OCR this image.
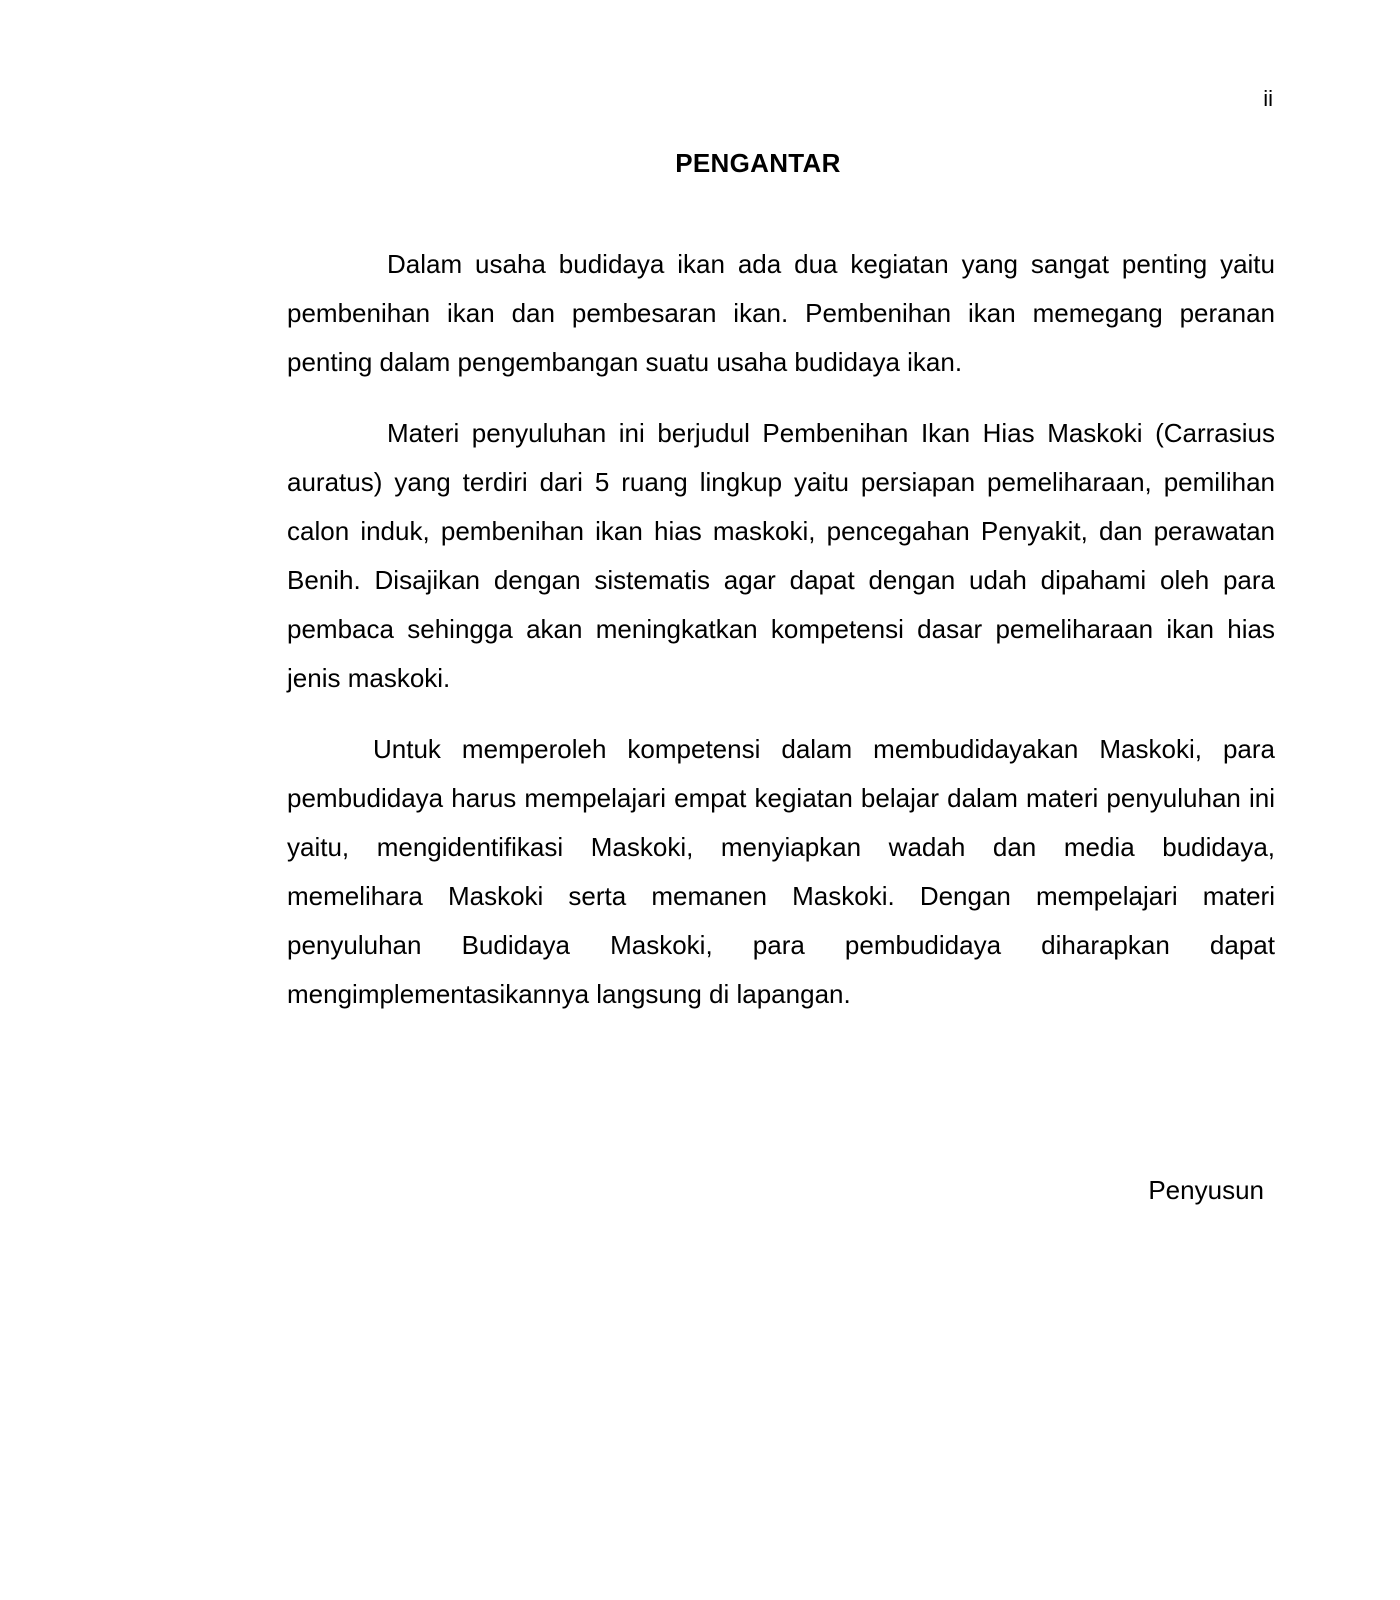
ii
PENGANTAR

Dalam usaha budidaya ikan ada dua kegiatan yang sangat penting yaitu pembenihan ikan dan pembesaran ikan. Pembenihan ikan memegang peranan penting dalam pengembangan suatu usaha budidaya ikan.

Materi penyuluhan ini berjudul Pembenihan Ikan Hias Maskoki (Carrasius auratus) yang terdiri dari 5 ruang lingkup yaitu persiapan pemeliharaan, pemilihan calon induk, pembenihan ikan hias maskoki, pencegahan Penyakit, dan perawatan Benih. Disajikan dengan sistematis agar dapat dengan udah dipahami oleh para pembaca sehingga akan meningkatkan kompetensi dasar pemeliharaan ikan hias jenis maskoki.

Untuk memperoleh kompetensi dalam membudidayakan Maskoki, para pembudidaya harus mempelajari empat kegiatan belajar dalam materi penyuluhan ini yaitu, mengidentifikasi Maskoki, menyiapkan wadah dan media budidaya, memelihara Maskoki serta memanen Maskoki. Dengan mempelajari materi penyuluhan Budidaya Maskoki, para pembudidaya diharapkan dapat mengimplementasikannya langsung di lapangan.

Penyusun
